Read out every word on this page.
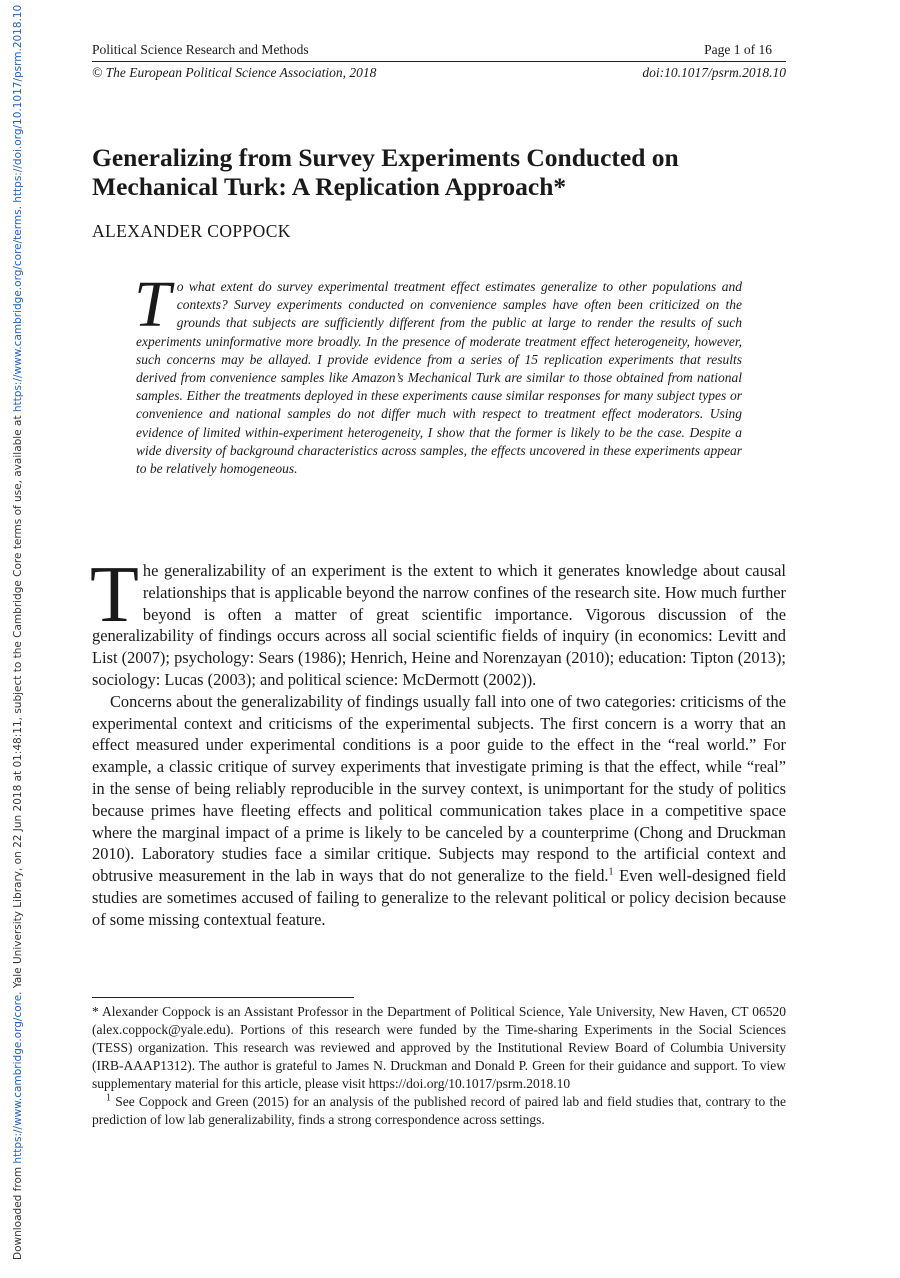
Downloaded from https://www.cambridge.org/core. Yale University Library, on 22 Jun 2018 at 01:48:11, subject to the Cambridge Core terms of use, available at https://www.cambridge.org/core/terms. https://doi.org/10.1017/psrm.2018.10	Political Science Research and Methods	Page 1 of 16
© The European Political Science Association, 2018	doi:10.1017/psrm.2018.10
Generalizing from Survey Experiments Conducted on Mechanical Turk: A Replication Approach*
ALEXANDER COPPOCK

To what extent do survey experimental treatment effect estimates generalize to other populations and contexts? Survey experiments conducted on convenience samples have often been criticized on the grounds that subjects are sufficiently different from the public at large to render the results of such experiments uninformative more broadly. In the presence of moderate treatment effect heterogeneity, however, such concerns may be allayed. I provide evidence from a series of 15 replication experiments that results derived from convenience samples like Amazon’s Mechanical Turk are similar to those obtained from national samples. Either the treatments deployed in these experiments cause similar responses for many subject types or convenience and national samples do not differ much with respect to treatment effect moderators. Using evidence of limited within-experiment heterogeneity, I show that the former is likely to be the case. Despite a wide diversity of background characteristics across samples, the effects uncovered in these experiments appear to be relatively homogeneous.

The generalizability of an experiment is the extent to which it generates knowledge about causal relationships that is applicable beyond the narrow confines of the research site. How much further beyond is often a matter of great scientific importance. Vigorous discussion of the generalizability of findings occurs across all social scientific fields of inquiry (in economics: Levitt and List (2007); psychology: Sears (1986); Henrich, Heine and Norenzayan (2010); education: Tipton (2013); sociology: Lucas (2003); and political science: McDermott (2002)).

Concerns about the generalizability of findings usually fall into one of two categories: criticisms of the experimental context and criticisms of the experimental subjects. The first concern is a worry that an effect measured under experimental conditions is a poor guide to the effect in the “real world.” For example, a classic critique of survey experiments that investigate priming is that the effect, while “real” in the sense of being reliably reproducible in the survey context, is unimportant for the study of politics because primes have fleeting effects and political communication takes place in a competitive space where the marginal impact of a prime is likely to be canceled by a counterprime (Chong and Druckman 2010). Laboratory studies face a similar critique. Subjects may respond to the artificial context and obtrusive measurement in the lab in ways that do not generalize to the field.$^1$ Even well-designed field studies are sometimes accused of failing to generalize to the relevant political or policy decision because of some missing contextual feature.

* Alexander Coppock is an Assistant Professor in the Department of Political Science, Yale University, New Haven, CT 06520 (alex.coppock@yale.edu). Portions of this research were funded by the Time-sharing Experiments in the Social Sciences (TESS) organization. This research was reviewed and approved by the Institutional Review Board of Columbia University (IRB-AAAP1312). The author is grateful to James N. Druckman and Donald P. Green for their guidance and support. To view supplementary material for this article, please visit https://doi.org/10.1017/psrm.2018.10

$^1$ See Coppock and Green (2015) for an analysis of the published record of paired lab and field studies that, contrary to the prediction of low lab generalizability, finds a strong correspondence across settings.
